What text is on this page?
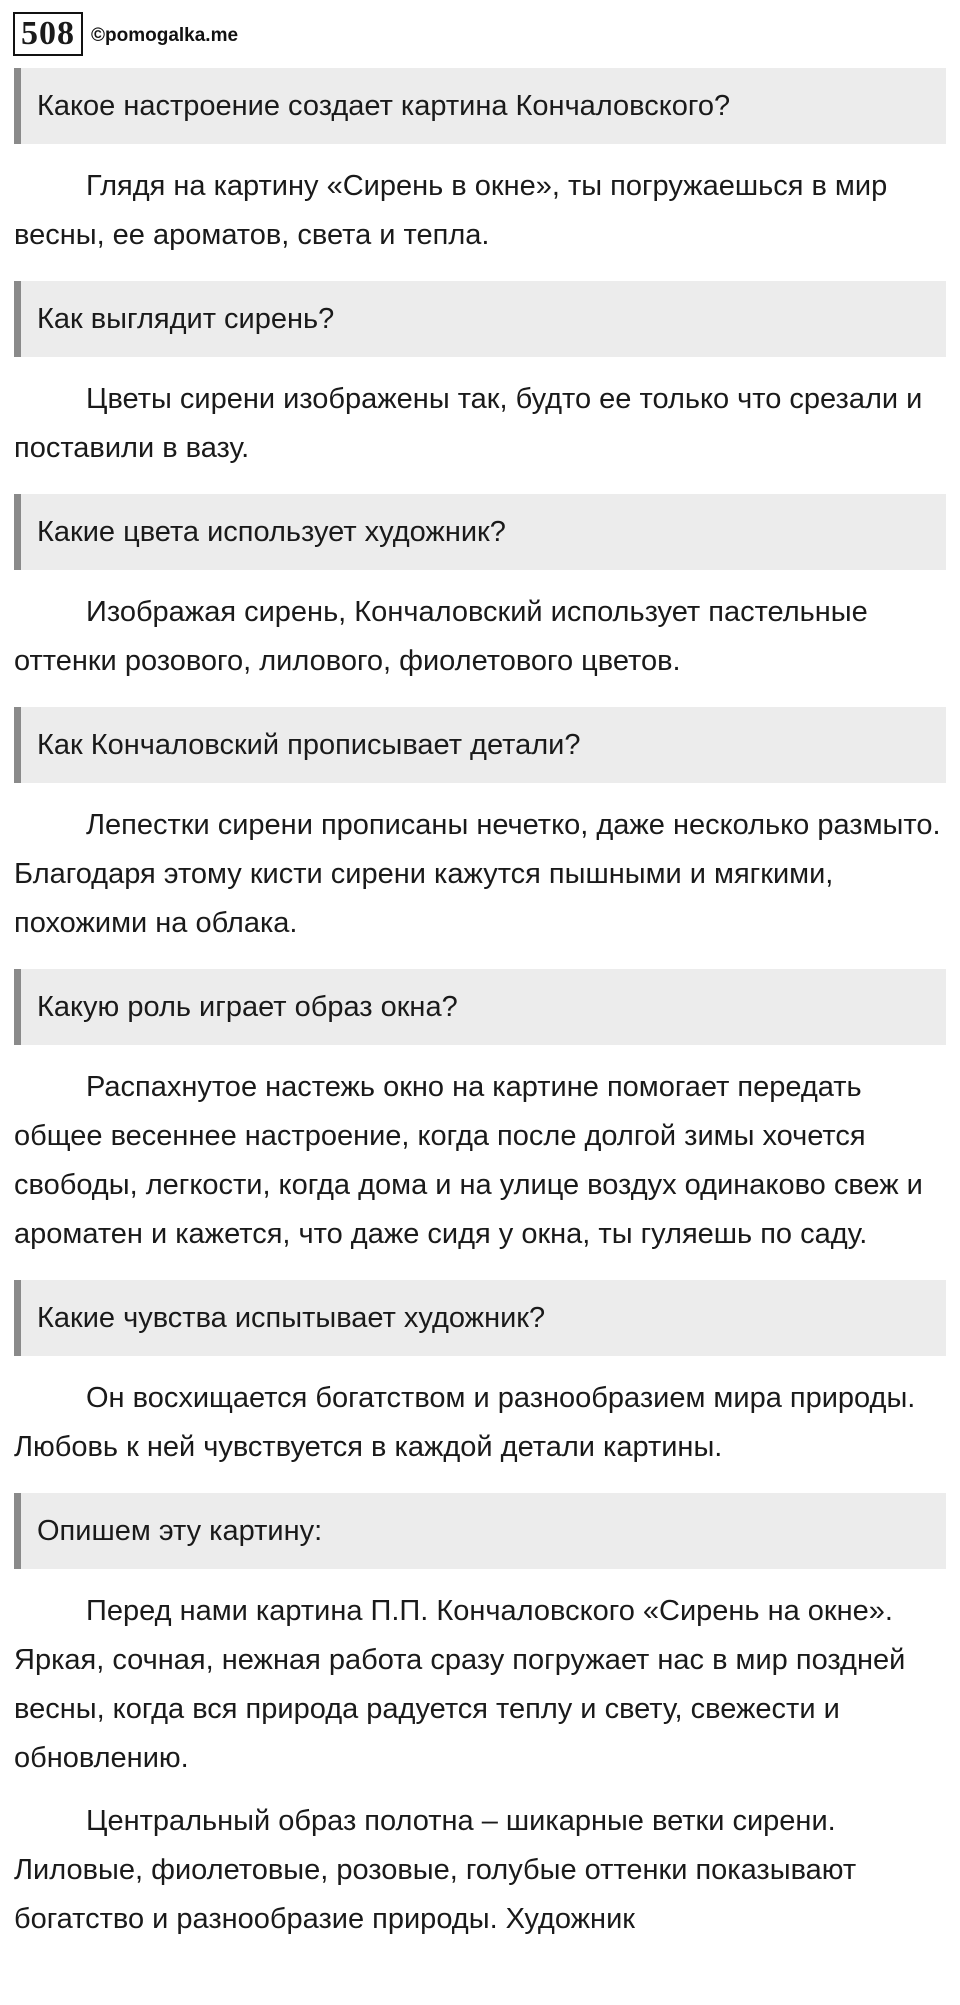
508 ©pomogalka.me
Какое настроение создает картина Кончаловского?
Глядя на картину «Сирень в окне», ты погружаешься в мир весны, ее ароматов, света и тепла.
Как выглядит сирень?
Цветы сирени изображены так, будто ее только что срезали и поставили в вазу.
Какие цвета использует художник?
Изображая сирень, Кончаловский использует пастельные оттенки розового, лилового, фиолетового цветов.
Как Кончаловский прописывает детали?
Лепестки сирени прописаны нечетко, даже несколько размыто. Благодаря этому кисти сирени кажутся пышными и мягкими, похожими на облака.
Какую роль играет образ окна?
Распахнутое настежь окно на картине помогает передать общее весеннее настроение, когда после долгой зимы хочется свободы, легкости, когда дома и на улице воздух одинаково свеж и ароматен и кажется, что даже сидя у окна, ты гуляешь по саду.
Какие чувства испытывает художник?
Он восхищается богатством и разнообразием мира природы. Любовь к ней чувствуется в каждой детали картины.
Опишем эту картину:
Перед нами картина П.П. Кончаловского «Сирень на окне». Яркая, сочная, нежная работа сразу погружает нас в мир поздней весны, когда вся природа радуется теплу и свету, свежести и обновлению.
Центральный образ полотна – шикарные ветки сирени. Лиловые, фиолетовые, розовые, голубые оттенки показывают богатство и разнообразие природы. Художник
